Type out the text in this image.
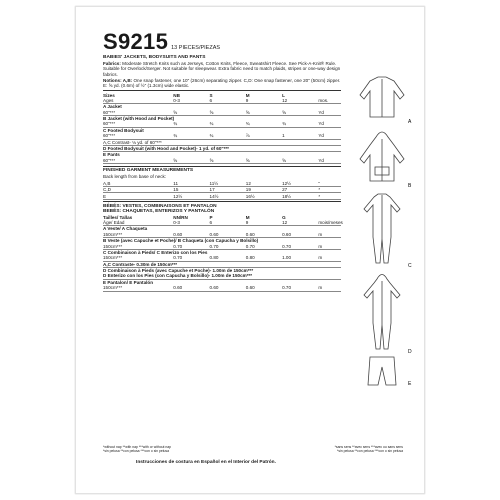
S9215 13 PIECES/PIEZAS
BABIES' JACKETS, BODYSUITS AND PANTS
Fabrics: Moderate Stretch Knits such as Jerseys, Cotton Knits, Fleece, Sweatshirt Fleece. See Pick-A-Knit® Rule. Suitable for Overlock/Serger. Not suitable for sleepwear. Extra fabric need to match plaids, stripes or one-way design fabrics.
Notions: A,B: One snap fastener, one 10" (26cm) separating zipper. C,D: One snap fastener, one 20" (50cm) zipper. E: ⅝ yd. (0.6m) of ½" (1.3cm) wide elastic.
Sizes	NB	S	M	L	
Ages	0-3	6	9	12	mos.
A Jacket					
60"***	⅝	⅝	⅝	⅝	Yd
B Jacket (with Hood and Pocket)					
60"***	¾	¾	¾	¾	Yd
C Footed Bodysuit					
60"***	¾	¾	⅞	1	Yd
A,C Contrast- ⅛ yd. of 60"***					
D Footed Bodysuit (with Hood and Pocket)- 1 yd. of 60"***					
E Pants					
60"***	⅝	⅝	⅝	⅝	Yd
FINISHED GARMENT MEASUREMENTS
Back length from base of neck:
A,B	11	11½	12	12½	"
C,D	15	17	19	27	*
E	12½	14½	16½	18½	*
BÉBÉS: VESTES, COMBINAISONS ET PANTALON
BEBÉS: CHAQUETAS, ENTERIZOS Y PANTALÓN
Tailles/ Tallas	NN/RN	P	M	G	
Âge/ Edad	0-3	6	9	12	mois/meses
A Veste/ A Chaqueta					
150cm***	0.60	0.60	0.60	0.60	m
B Veste (avec Capuche et Poche)/ B Chaqueta (con Capucha y Bolsillo)					
150cm***	0.70	0.70	0.70	0.70	m
C Combinaison à Pieds/ C Enterizo con los Pies					
150cm***	0.70	0.80	0.80	1.00	m
A,C Contraste- 0.30m de 150cm***					
D Combinaison à Pieds (avec Capuche et Poche)- 1.00m de 150cm***					
D Enterizo con los Pies (con Capucha y Bolsillo)- 1.00m de 150cm***					
E Pantalon/ E Pantalón					
150cm***	0.60	0.60	0.60	0.70	m
A
B
C
D
E
*without nap **with nap ***with or without nap	*sans sens **avec sens ***avec ou sans sens
*sin pelusa **con pelusa ***con o sin pelusa	*sin pelusa **con pelusa ***con o sin pelusa
Instrucciones de costura en Español en el Interior del Patrón.
